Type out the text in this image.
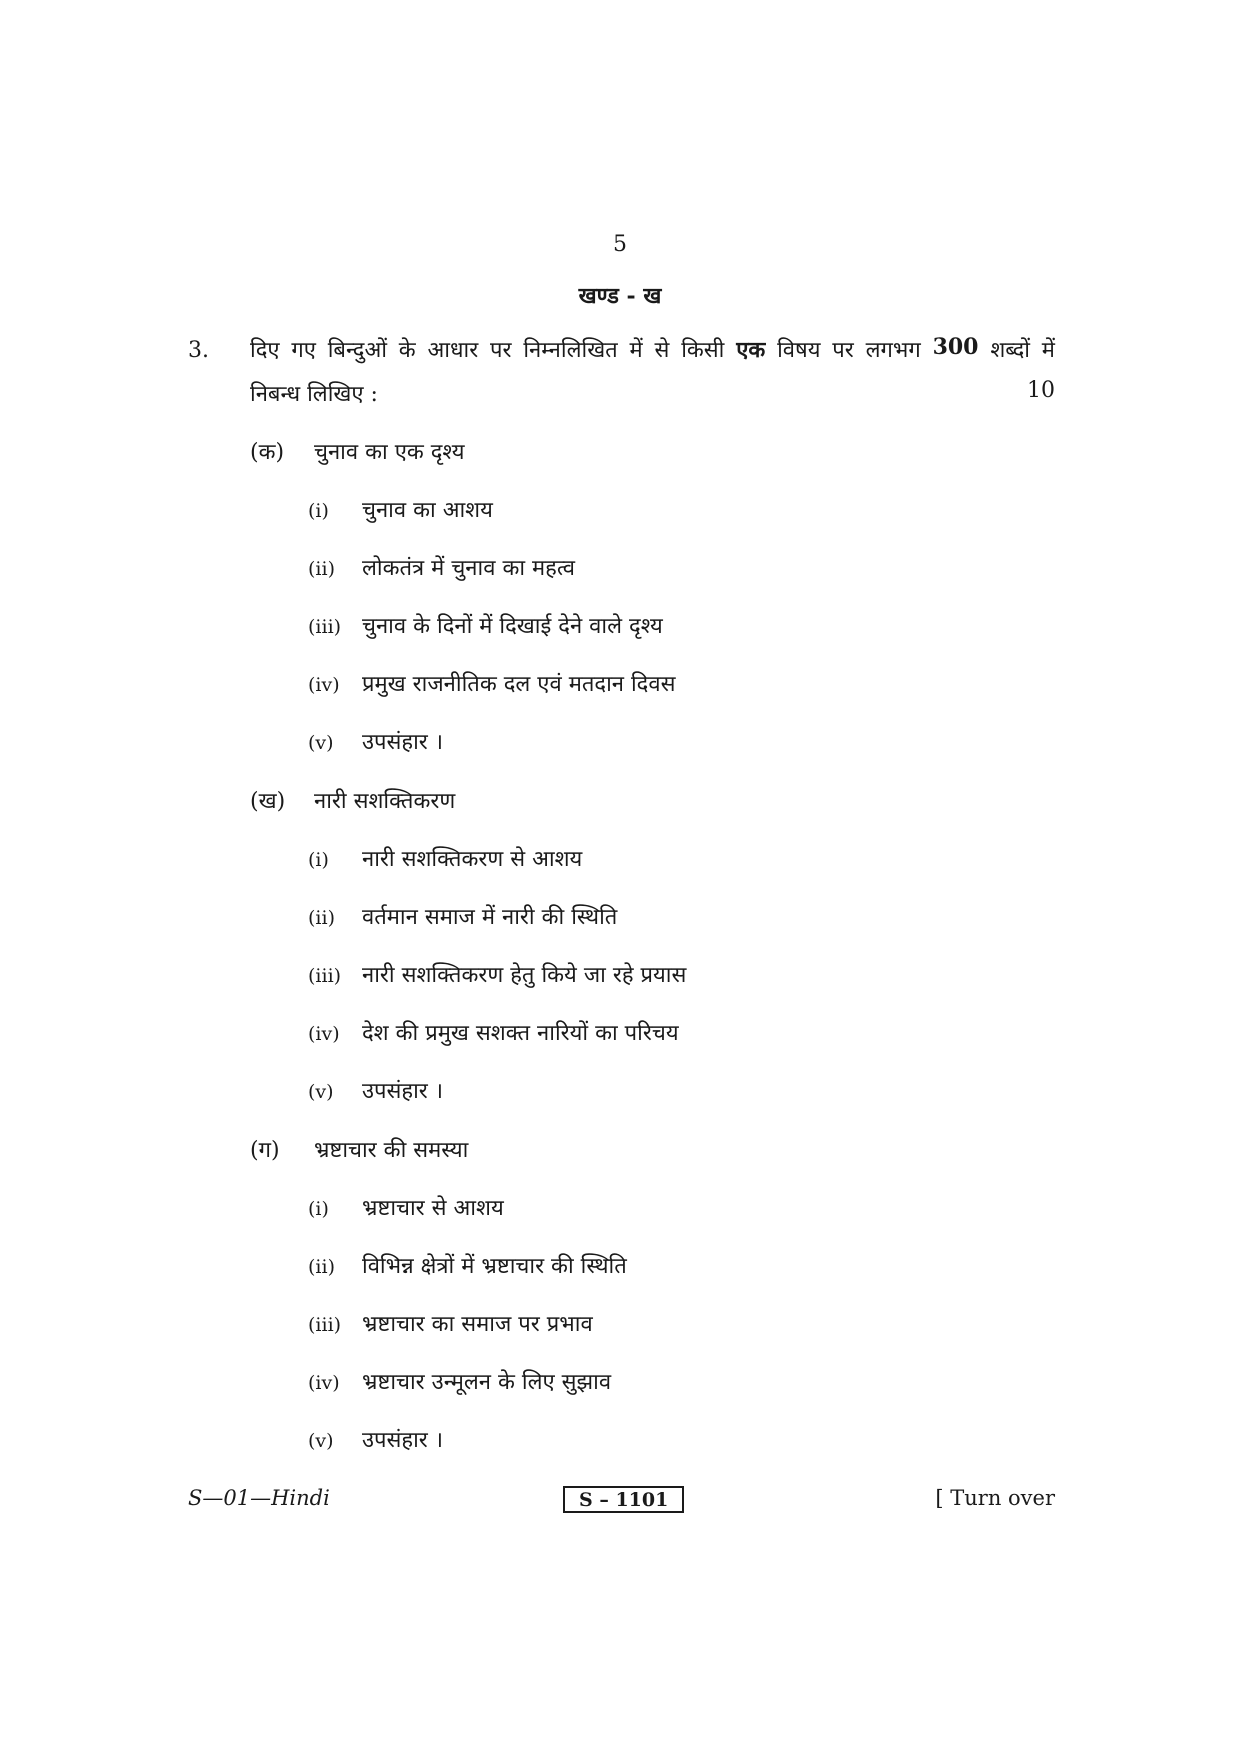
5
खण्ड - ख
3. दिए गए बिन्दुओं के आधार पर निम्नलिखित में से किसी एक विषय पर लगभग 300 शब्दों में
निबन्ध लिखिए :	10
(क)	चुनाव का एक दृश्य
(i)	चुनाव का आशय
(ii)	लोकतंत्र में चुनाव का महत्व
(iii) चुनाव के दिनों में दिखाई देने वाले दृश्य
(iv)	प्रमुख राजनीतिक दल एवं मतदान दिवस
(v)	उपसंहार ।
(ख)	नारी सशक्तिकरण
(i)	नारी सशक्तिकरण से आशय
(ii)	वर्तमान समाज में नारी की स्थिति
(iii) नारी सशक्तिकरण हेतु किये जा रहे प्रयास
(iv)	देश की प्रमुख सशक्त नारियों का परिचय
(v)	उपसंहार ।
(ग)	भ्रष्टाचार की समस्या
(i)	भ्रष्टाचार से आशय
(ii)	विभिन्न क्षेत्रों में भ्रष्टाचार की स्थिति
(iii) भ्रष्टाचार का समाज पर प्रभाव
(iv)	भ्रष्टाचार उन्मूलन के लिए सुझाव
(v)	उपसंहार ।
S—01—Hindi	S – 1101	[ Turn over
